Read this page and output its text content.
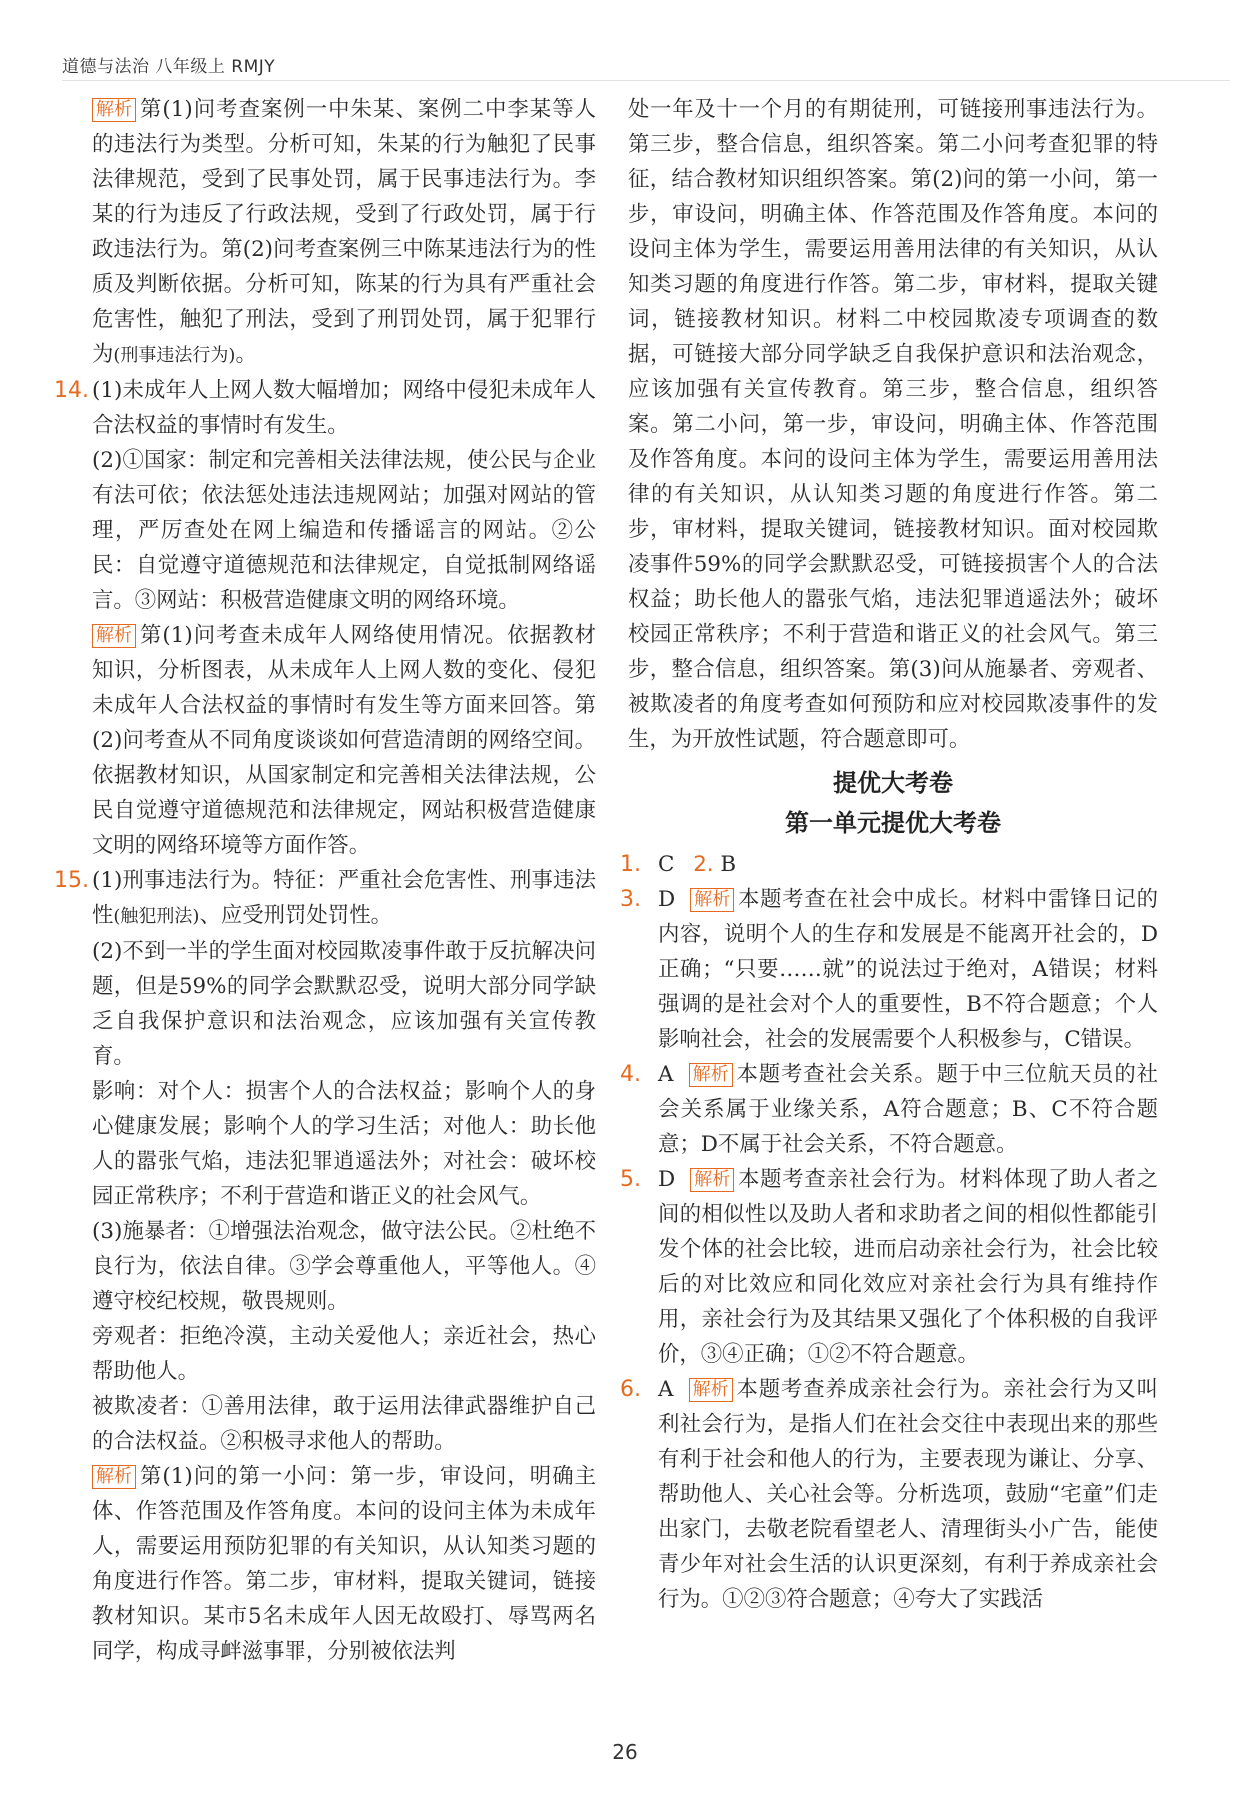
道德与法治 八年级上 RMJY

解析 第(1)问考查案例一中朱某、案例二中李某等人的违法行为类型。分析可知，朱某的行为触犯了民事法律规范，受到了民事处罚，属于民事违法行为。李某的行为违反了行政法规，受到了行政处罚，属于行政违法行为。第(2)问考查案例三中陈某违法行为的性质及判断依据。分析可知，陈某的行为具有严重社会危害性，触犯了刑法，受到了刑罚处罚，属于犯罪行为(刑事违法行为)。

14. (1)未成年人上网人数大幅增加；网络中侵犯未成年人合法权益的事情时有发生。

(2)①国家：制定和完善相关法律法规，使公民与企业有法可依；依法惩处违法违规网站；加强对网站的管理，严厉查处在网上编造和传播谣言的网站。②公民：自觉遵守道德规范和法律规定，自觉抵制网络谣言。③网站：积极营造健康文明的网络环境。

解析 第(1)问考查未成年人网络使用情况。依据教材知识，分析图表，从未成年人上网人数的变化、侵犯未成年人合法权益的事情时有发生等方面来回答。第(2)问考查从不同角度谈谈如何营造清朗的网络空间。依据教材知识，从国家制定和完善相关法律法规，公民自觉遵守道德规范和法律规定，网站积极营造健康文明的网络环境等方面作答。

15. (1)刑事违法行为。特征：严重社会危害性、刑事违法性(触犯刑法)、应受刑罚处罚性。

(2)不到一半的学生面对校园欺凌事件敢于反抗解决问题，但是59%的同学会默默忍受，说明大部分同学缺乏自我保护意识和法治观念，应该加强有关宣传教育。

影响：对个人：损害个人的合法权益；影响个人的身心健康发展；影响个人的学习生活；对他人：助长他人的嚣张气焰，违法犯罪逍遥法外；对社会：破坏校园正常秩序；不利于营造和谐正义的社会风气。

(3)施暴者：①增强法治观念，做守法公民。②杜绝不良行为，依法自律。③学会尊重他人，平等他人。④遵守校纪校规，敬畏规则。

旁观者：拒绝冷漠，主动关爱他人；亲近社会，热心帮助他人。

被欺凌者：①善用法律，敢于运用法律武器维护自己的合法权益。②积极寻求他人的帮助。

解析 第(1)问的第一小问：第一步，审设问，明确主体、作答范围及作答角度。本问的设问主体为未成年人，需要运用预防犯罪的有关知识，从认知类习题的角度进行作答。第二步，审材料，提取关键词，链接教材知识。某市5名未成年人因无故殴打、辱骂两名同学，构成寻衅滋事罪，分别被依法判

处一年及十一个月的有期徒刑，可链接刑事违法行为。第三步，整合信息，组织答案。第二小问考查犯罪的特征，结合教材知识组织答案。第(2)问的第一小问，第一步，审设问，明确主体、作答范围及作答角度。本问的设问主体为学生，需要运用善用法律的有关知识，从认知类习题的角度进行作答。第二步，审材料，提取关键词，链接教材知识。材料二中校园欺凌专项调查的数据，可链接大部分同学缺乏自我保护意识和法治观念，应该加强有关宣传教育。第三步，整合信息，组织答案。第二小问，第一步，审设问，明确主体、作答范围及作答角度。本问的设问主体为学生，需要运用善用法律的有关知识，从认知类习题的角度进行作答。第二步，审材料，提取关键词，链接教材知识。面对校园欺凌事件59%的同学会默默忍受，可链接损害个人的合法权益；助长他人的嚣张气焰，违法犯罪逍遥法外；破坏校园正常秩序；不利于营造和谐正义的社会风气。第三步，整合信息，组织答案。第(3)问从施暴者、旁观者、被欺凌者的角度考查如何预防和应对校园欺凌事件的发生，为开放性试题，符合题意即可。

提优大考卷
第一单元提优大考卷
1. C 2. B
3. D 解析 本题考查在社会中成长。材料中雷锋日记的内容，说明个人的生存和发展是不能离开社会的，D正确；“只要……就”的说法过于绝对，A错误；材料强调的是社会对个人的重要性，B不符合题意；个人影响社会，社会的发展需要个人积极参与，C错误。

4. A 解析 本题考查社会关系。题于中三位航天员的社会关系属于业缘关系，A符合题意；B、C不符合题意；D不属于社会关系，不符合题意。

5. D 解析 本题考查亲社会行为。材料体现了助人者之间的相似性以及助人者和求助者之间的相似性都能引发个体的社会比较，进而启动亲社会行为，社会比较后的对比效应和同化效应对亲社会行为具有维持作用，亲社会行为及其结果又强化了个体积极的自我评价，③④正确；①②不符合题意。

6. A 解析 本题考查养成亲社会行为。亲社会行为又叫利社会行为，是指人们在社会交往中表现出来的那些有利于社会和他人的行为，主要表现为谦让、分享、帮助他人、关心社会等。分析选项，鼓励“宅童”们走出家门，去敬老院看望老人、清理街头小广告，能使青少年对社会生活的认识更深刻，有利于养成亲社会行为。①②③符合题意；④夸大了实践活

26
